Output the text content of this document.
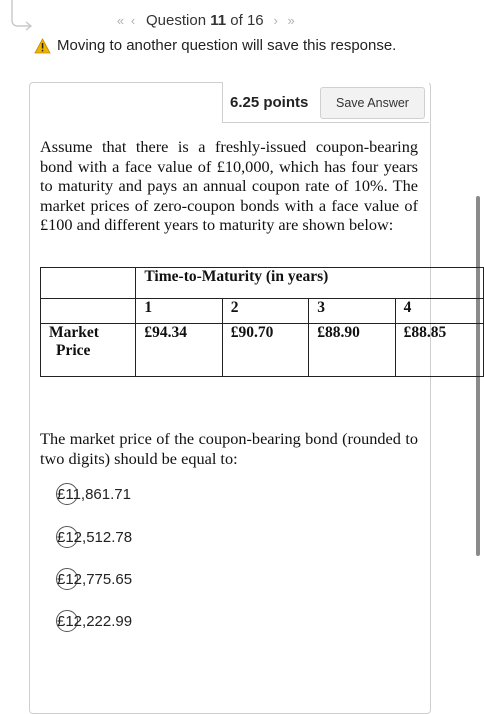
« ‹ Question 11 of 16 › »
Moving to another question will save this response.
6.25 points	Save Answer
Assume that there is a freshly-issued coupon-bearing bond with a face value of £10,000, which has four years to maturity and pays an annual coupon rate of 10%. The market prices of zero-coupon bonds with a face value of £100 and different years to maturity are shown below:
	Time-to-Maturity (in years)			
	1	2	3	4
Market
Price	£94.34	£90.70	£88.90	£88.85
The market price of the coupon-bearing bond (rounded to two digits) should be equal to:
£11,861.71
£12,512.78
£12,775.65
£12,222.99
